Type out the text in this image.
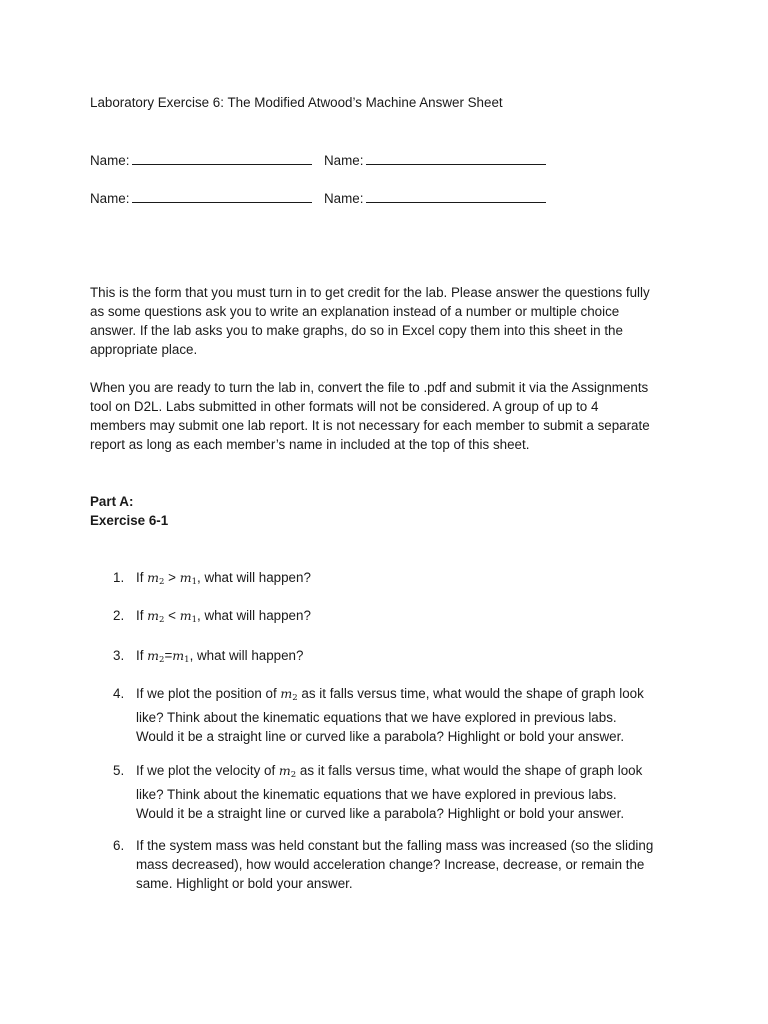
Laboratory Exercise 6: The Modified Atwood’s Machine Answer Sheet
Name:	Name:
Name:	Name:
This is the form that you must turn in to get credit for the lab. Please answer the questions fully
as some questions ask you to write an explanation instead of a number or multiple choice
answer. If the lab asks you to make graphs, do so in Excel copy them into this sheet in the
appropriate place.
When you are ready to turn the lab in, convert the file to .pdf and submit it via the Assignments
tool on D2L. Labs submitted in other formats will not be considered. A group of up to 4
members may submit one lab report. It is not necessary for each member to submit a separate
report as long as each member’s name in included at the top of this sheet.
Part A:
Exercise 6-1
1. If $m_2 > m_1$, what will happen?
2. If $m_2 < m_1$, what will happen?
3. If $m_2=m_1$, what will happen?
4. If we plot the position of $m_2$ as it falls versus time, what would the shape of graph look
like? Think about the kinematic equations that we have explored in previous labs.
Would it be a straight line or curved like a parabola? Highlight or bold your answer.
5. If we plot the velocity of $m_2$ as it falls versus time, what would the shape of graph look
like? Think about the kinematic equations that we have explored in previous labs.
Would it be a straight line or curved like a parabola? Highlight or bold your answer.
6. If the system mass was held constant but the falling mass was increased (so the sliding
mass decreased), how would acceleration change? Increase, decrease, or remain the
same. Highlight or bold your answer.
